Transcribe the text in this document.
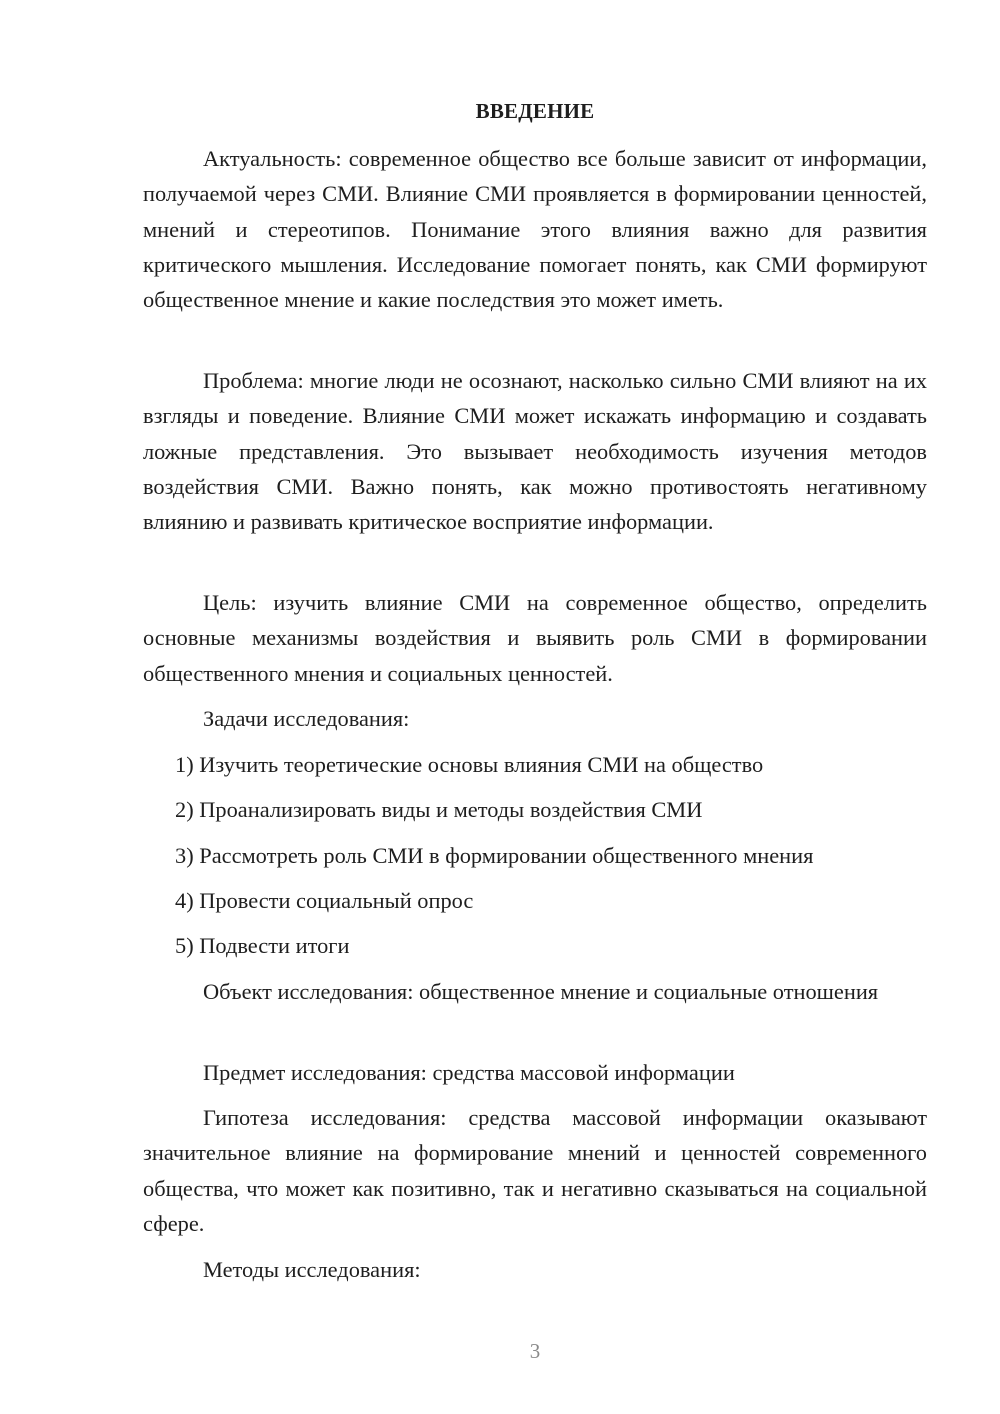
ВВЕДЕНИЕ

Актуальность: современное общество все больше зависит от информации, получаемой через СМИ. Влияние СМИ проявляется в формировании ценностей, мнений и стереотипов. Понимание этого влияния важно для развития критического мышления. Исследование помогает понять, как СМИ формируют общественное мнение и какие последствия это может иметь.

Проблема: многие люди не осознают, насколько сильно СМИ влияют на их взгляды и поведение. Влияние СМИ может искажать информацию и создавать ложные представления. Это вызывает необходимость изучения методов воздействия СМИ. Важно понять, как можно противостоять негативному влиянию и развивать критическое восприятие информации.

Цель: изучить влияние СМИ на современное общество, определить основные механизмы воздействия и выявить роль СМИ в формировании общественного мнения и социальных ценностей.

Задачи исследования:

1) Изучить теоретические основы влияния СМИ на общество
2) Проанализировать виды и методы воздействия СМИ
3) Рассмотреть роль СМИ в формировании общественного мнения
4) Провести социальный опрос
5) Подвести итоги

Объект исследования: общественное мнение и социальные отношения

Предмет исследования: средства массовой информации

Гипотеза исследования: средства массовой информации оказывают значительное влияние на формирование мнений и ценностей современного общества, что может как позитивно, так и негативно сказываться на социальной сфере.

Методы исследования:

3
